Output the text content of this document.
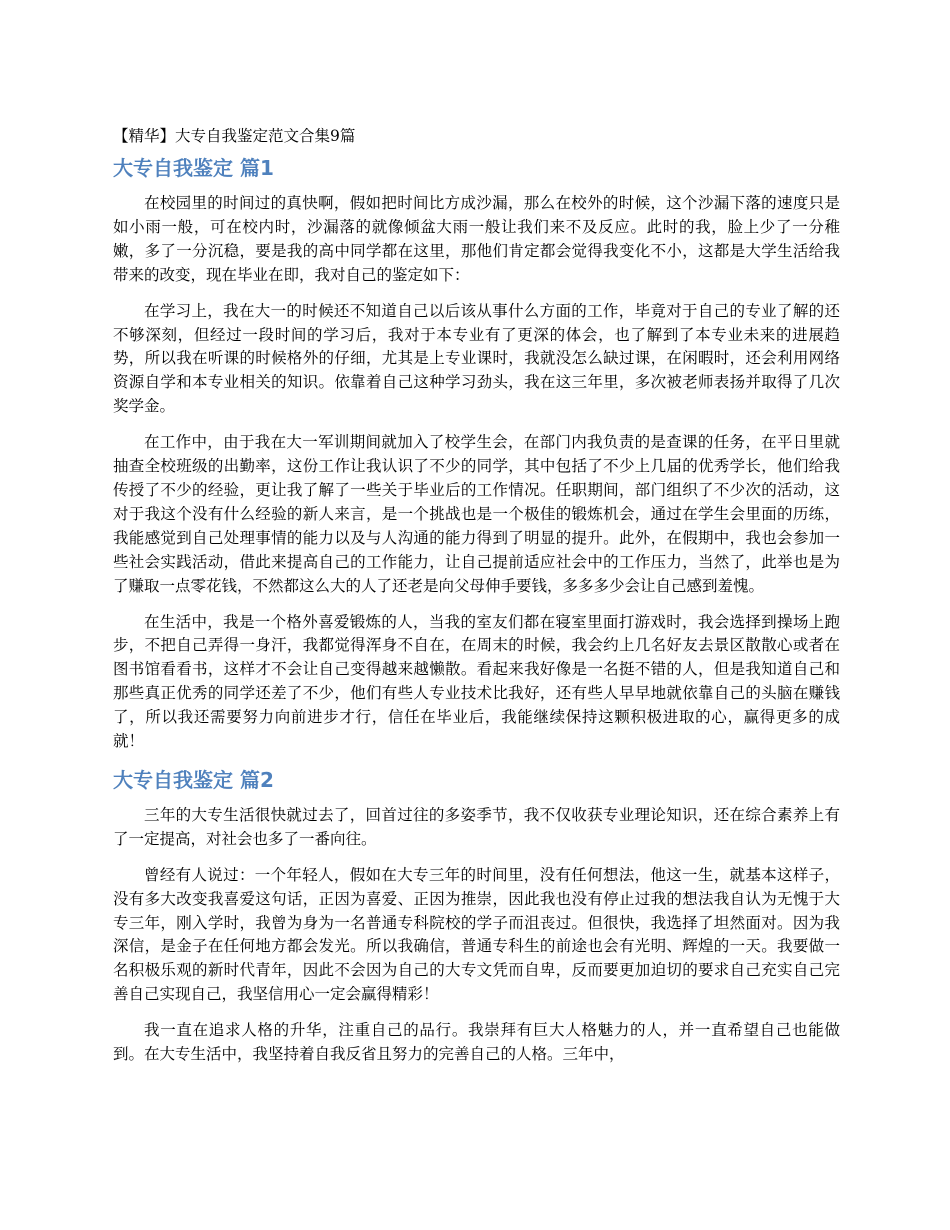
【精华】大专自我鉴定范文合集9篇
大专自我鉴定 篇1

在校园里的时间过的真快啊，假如把时间比方成沙漏，那么在校外的时候，这个沙漏下落的速度只是如小雨一般，可在校内时，沙漏落的就像倾盆大雨一般让我们来不及反应。此时的我，脸上少了一分稚嫩，多了一分沉稳，要是我的高中同学都在这里，那他们肯定都会觉得我变化不小，这都是大学生活给我带来的改变，现在毕业在即，我对自己的鉴定如下：

在学习上，我在大一的时候还不知道自己以后该从事什么方面的工作，毕竟对于自己的专业了解的还不够深刻，但经过一段时间的学习后，我对于本专业有了更深的体会，也了解到了本专业未来的进展趋势，所以我在听课的时候格外的仔细，尤其是上专业课时，我就没怎么缺过课，在闲暇时，还会利用网络资源自学和本专业相关的知识。依靠着自己这种学习劲头，我在这三年里，多次被老师表扬并取得了几次奖学金。

在工作中，由于我在大一军训期间就加入了校学生会，在部门内我负责的是查课的任务，在平日里就抽查全校班级的出勤率，这份工作让我认识了不少的同学，其中包括了不少上几届的优秀学长，他们给我传授了不少的经验，更让我了解了一些关于毕业后的工作情况。任职期间，部门组织了不少次的活动，这对于我这个没有什么经验的新人来言，是一个挑战也是一个极佳的锻炼机会，通过在学生会里面的历练，我能感觉到自己处理事情的能力以及与人沟通的能力得到了明显的提升。此外，在假期中，我也会参加一些社会实践活动，借此来提高自己的工作能力，让自己提前适应社会中的工作压力，当然了，此举也是为了赚取一点零花钱，不然都这么大的人了还老是向父母伸手要钱，多多多少会让自己感到羞愧。

在生活中，我是一个格外喜爱锻炼的人，当我的室友们都在寝室里面打游戏时，我会选择到操场上跑步，不把自己弄得一身汗，我都觉得浑身不自在，在周末的时候，我会约上几名好友去景区散散心或者在图书馆看看书，这样才不会让自己变得越来越懒散。看起来我好像是一名挺不错的人，但是我知道自己和那些真正优秀的同学还差了不少，他们有些人专业技术比我好，还有些人早早地就依靠自己的头脑在赚钱了，所以我还需要努力向前进步才行，信任在毕业后，我能继续保持这颗积极进取的心，赢得更多的成就！

大专自我鉴定 篇2

三年的大专生活很快就过去了，回首过往的多姿季节，我不仅收获专业理论知识，还在综合素养上有了一定提高，对社会也多了一番向往。

曾经有人说过：一个年轻人，假如在大专三年的时间里，没有任何想法，他这一生，就基本这样子，没有多大改变我喜爱这句话，正因为喜爱、正因为推崇，因此我也没有停止过我的想法我自认为无愧于大专三年，刚入学时，我曾为身为一名普通专科院校的学子而沮丧过。但很快，我选择了坦然面对。因为我深信，是金子在任何地方都会发光。所以我确信，普通专科生的前途也会有光明、辉煌的一天。我要做一名积极乐观的新时代青年，因此不会因为自己的大专文凭而自卑，反而要更加迫切的要求自己充实自己完善自己实现自己，我坚信用心一定会赢得精彩！

我一直在追求人格的升华，注重自己的品行。我崇拜有巨大人格魅力的人，并一直希望自己也能做到。在大专生活中，我坚持着自我反省且努力的完善自己的人格。三年中，
